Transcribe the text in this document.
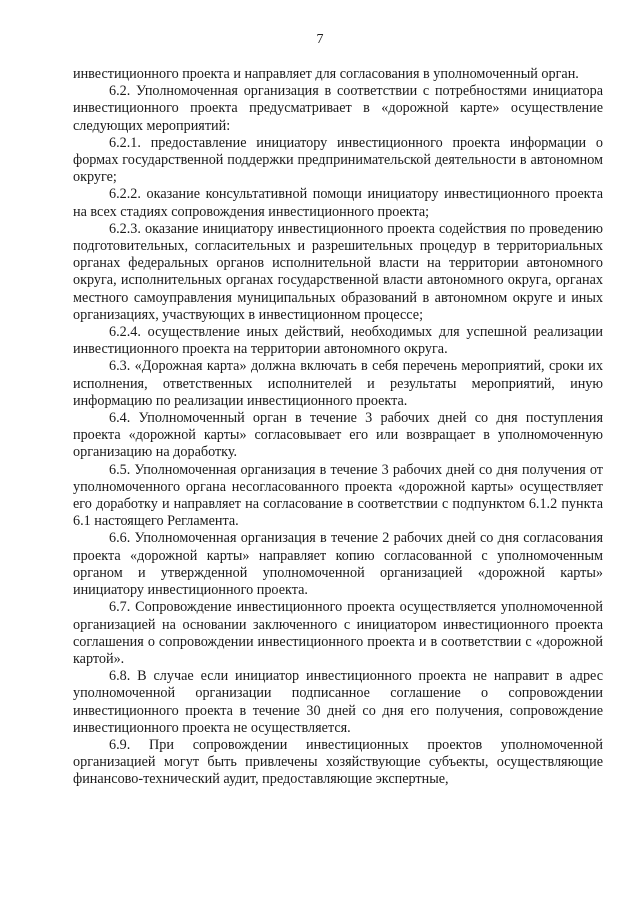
7

инвестиционного проекта и направляет для согласования в уполномоченный орган.

6.2. Уполномоченная организация в соответствии с потребностями инициатора инвестиционного проекта предусматривает в «дорожной карте» осуществление следующих мероприятий:

6.2.1. предоставление инициатору инвестиционного проекта информации о формах государственной поддержки предпринимательской деятельности в автономном округе;

6.2.2. оказание консультативной помощи инициатору инвестиционного проекта на всех стадиях сопровождения инвестиционного проекта;

6.2.3. оказание инициатору инвестиционного проекта содействия по проведению подготовительных, согласительных и разрешительных процедур в территориальных органах федеральных органов исполнительной власти на территории автономного округа, исполнительных органах государственной власти автономного округа, органах местного самоуправления муниципальных образований в автономном округе и иных организациях, участвующих в инвестиционном процессе;

6.2.4. осуществление иных действий, необходимых для успешной реализации инвестиционного проекта на территории автономного округа.

6.3. «Дорожная карта» должна включать в себя перечень мероприятий, сроки их исполнения, ответственных исполнителей и результаты мероприятий, иную информацию по реализации инвестиционного проекта.

6.4. Уполномоченный орган в течение 3 рабочих дней со дня поступления проекта «дорожной карты» согласовывает его или возвращает в уполномоченную организацию на доработку.

6.5. Уполномоченная организация в течение 3 рабочих дней со дня получения от уполномоченного органа несогласованного проекта «дорожной карты» осуществляет его доработку и направляет на согласование в соответствии с подпунктом 6.1.2 пункта 6.1 настоящего Регламента.

6.6. Уполномоченная организация в течение 2 рабочих дней со дня согласования проекта «дорожной карты» направляет копию согласованной с уполномоченным органом и утвержденной уполномоченной организацией «дорожной карты» инициатору инвестиционного проекта.

6.7. Сопровождение инвестиционного проекта осуществляется уполномоченной организацией на основании заключенного с инициатором инвестиционного проекта соглашения о сопровождении инвестиционного проекта и в соответствии с «дорожной картой».

6.8. В случае если инициатор инвестиционного проекта не направит в адрес уполномоченной организации подписанное соглашение о сопровождении инвестиционного проекта в течение 30 дней со дня его получения, сопровождение инвестиционного проекта не осуществляется.

6.9. При сопровождении инвестиционных проектов уполномоченной организацией могут быть привлечены хозяйствующие субъекты, осуществляющие финансово-технический аудит, предоставляющие экспертные,
